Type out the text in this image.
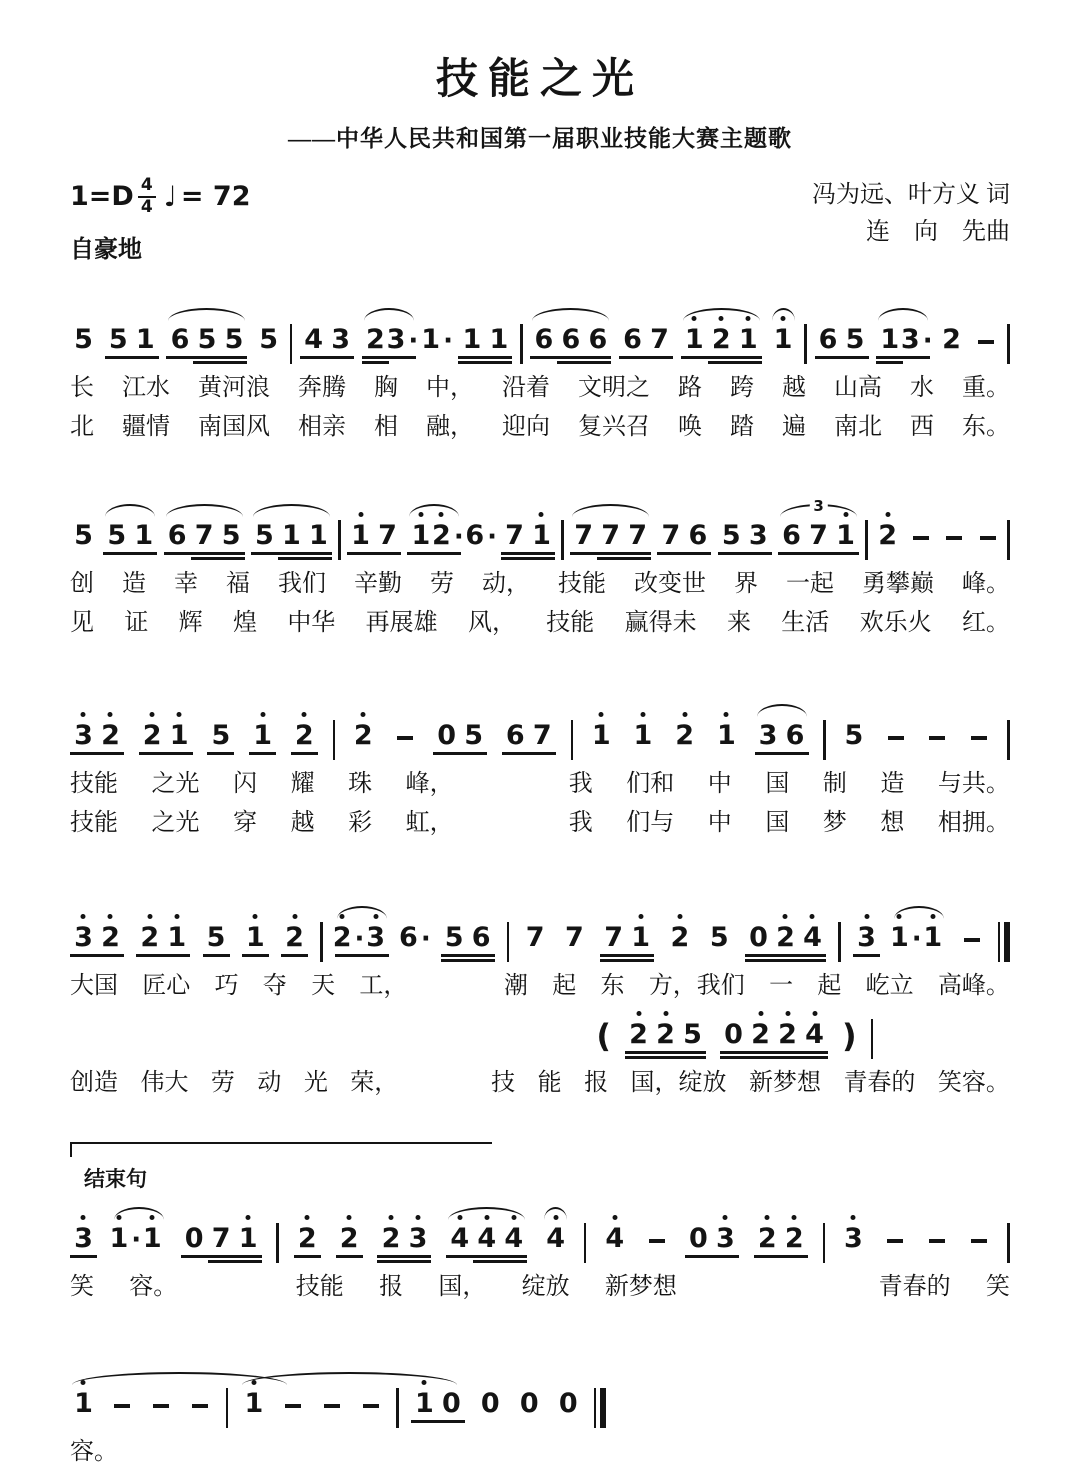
技能之光
——中华人民共和国第一届职业技能大赛主题歌
$1=D \frac{4}{4}$ ♩ = 72
自豪地
冯为远、叶方义 词
连　向　先曲
5 5 1 6 5 5 5 4 3 2 3 · 1 · 1 1 6 6 6 6 7 1 2 1 1 6 5 1 3 · 2
长 江水 黄河浪 奔腾 胸 中， 沿着 文明之 路 跨 越 山高 水 重。
北 疆情 南国风 相亲 相 融， 迎向 复兴召 唤 踏 遍 南北 西 东。
5 5 1 6 7 5 5 1 1 1 7 1 2 · 6 · 7 1 7 7 7 7 6 5 3 6 7 1
3
2
创 造 幸 福 我们 辛勤 劳 动， 技能 改变世 界 一起 勇攀巅 峰。
见 证 辉 煌 中华 再展雄 风， 技能 赢得未 来 生活 欢乐火 红。
3 2 2 1 5 1 2 2 0 5 6 7 1 1 2 1 3 6 5
技能 之光 闪 耀 珠 峰，	我 们和 中 国 制 造 与共。
技能 之光 穿 越 彩 虹，	我 们与 中 国 梦 想 相拥。
3 2 2 1 5 1 2 2 · 3 6 · 5 6 7 7 7 1 2 5 0 2 4 3 1 · 1
大国 匠心 巧 夺 天 工，	潮 起 东 方，我们 一 起 屹立 高峰。
( 2 2 5 0 2 2 4 )
创造 伟大 劳 动 光 荣，	技 能 报 国，绽放 新梦想 青春的 笑容。
结束句
3 1 · 1 0 7 1 2 2 2 3 4 4 4 4 4 0 3 2 2 3
笑 容。	技能 报 国， 绽放 新梦想	青春的 笑
1	1	1 0 0 0 0
容。
